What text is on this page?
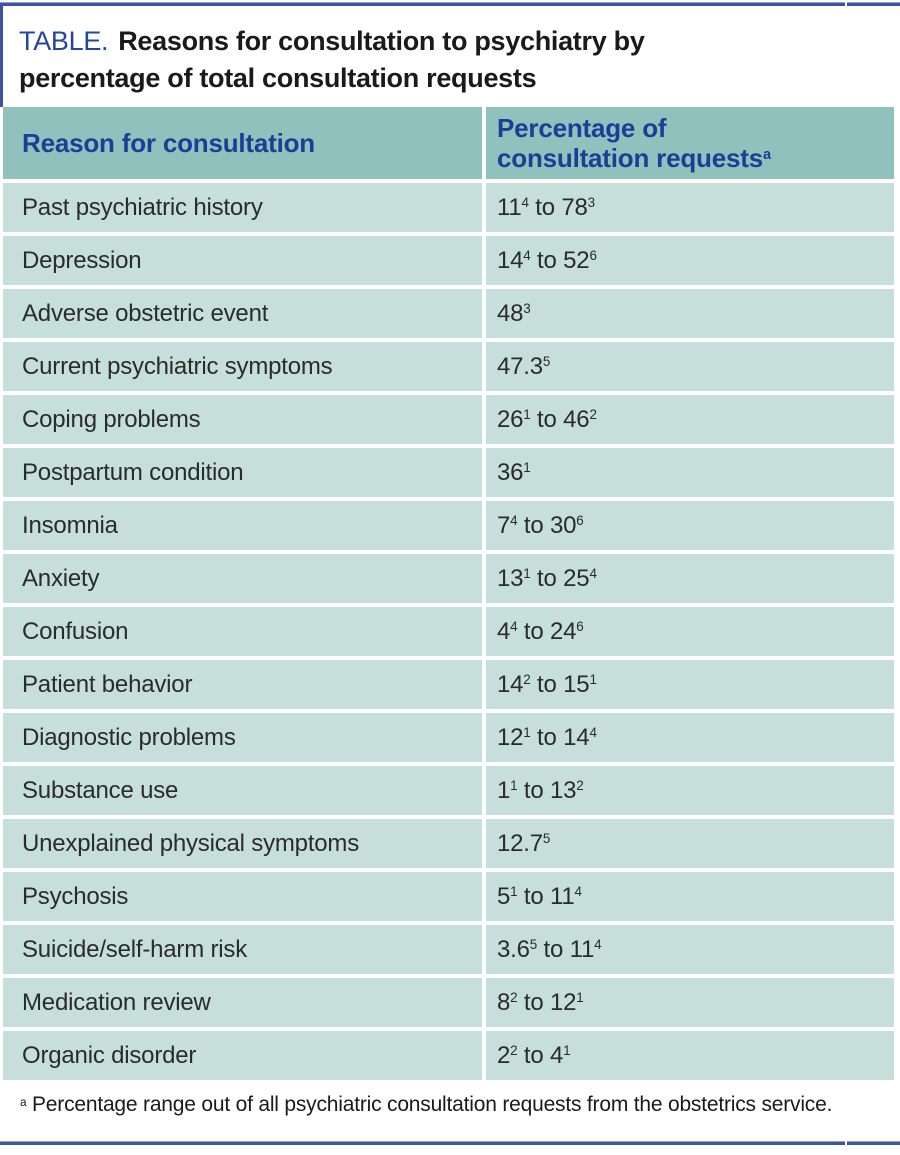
TABLE. Reasons for consultation to psychiatry by
percentage of total consultation requests
Reason for consultation	Percentage of
consultation requests$^a$
Past psychiatric history	$11^4$ to $78^3$
Depression	$14^4$ to $52^6$
Adverse obstetric event	$48^3$
Current psychiatric symptoms	47.3$^5$
Coping problems	$26^1$ to $46^2$
Postpartum condition	$36^1$
Insomnia	$7^4$ to $30^6$
Anxiety	$13^1$ to $25^4$
Confusion	$4^4$ to $24^6$
Patient behavior	$14^2$ to $15^1$
Diagnostic problems	$12^1$ to $14^4$
Substance use	$1^1$ to $13^2$
Unexplained physical symptoms	12.7$^5$
Psychosis	$5^1$ to $11^4$
Suicide/self-harm risk	$3.6^5$ to $11^4$
Medication review	$8^2$ to $12^1$
Organic disorder	$2^2$ to $4^1$
$^a$ Percentage range out of all psychiatric consultation requests from the obstetrics service.
